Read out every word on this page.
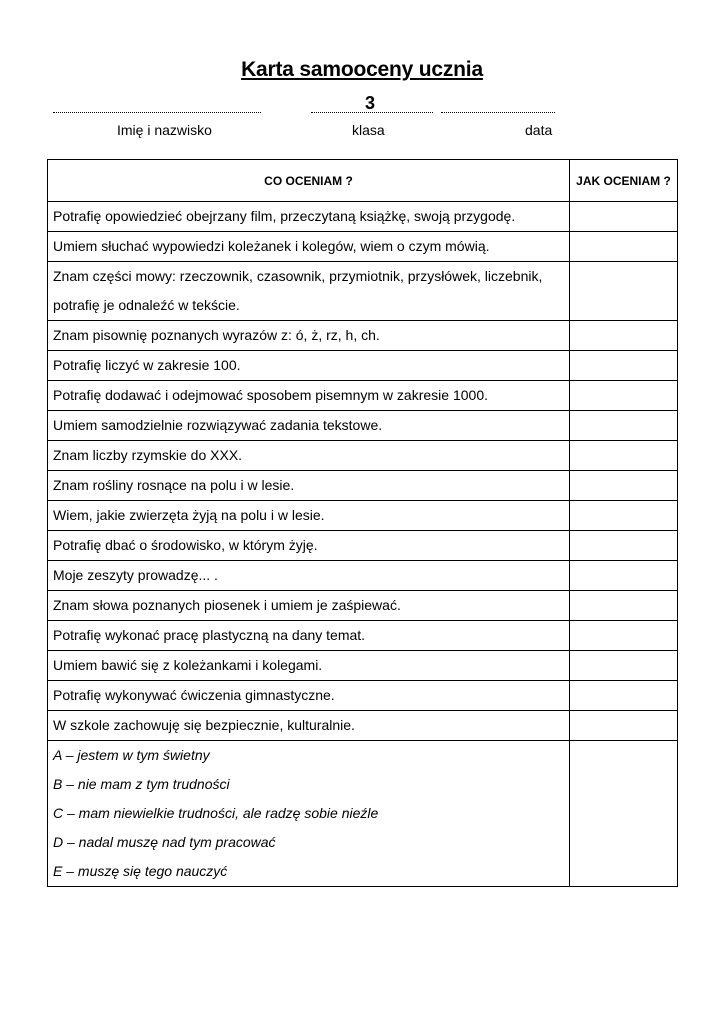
Karta samooceny ucznia
3
Imię i nazwisko	klasa	data
CO OCENIAM ?	JAK OCENIAM ?
Potrafię opowiedzieć obejrzany film, przeczytaną książkę, swoją przygodę.	
Umiem słuchać wypowiedzi koleżanek i kolegów, wiem o czym mówią.	
Znam części mowy: rzeczownik, czasownik, przymiotnik, przysłówek, liczebnik, potrafię je odnaleźć w tekście.	
Znam pisownię poznanych wyrazów z: ó, ż, rz, h, ch.	
Potrafię liczyć w zakresie 100.	
Potrafię dodawać i odejmować sposobem pisemnym w zakresie 1000.	
Umiem samodzielnie rozwiązywać zadania tekstowe.	
Znam liczby rzymskie do XXX.	
Znam rośliny rosnące na polu i w lesie.	
Wiem, jakie zwierzęta żyją na polu i w lesie.	
Potrafię dbać o środowisko, w którym żyję.	
Moje zeszyty prowadzę... .	
Znam słowa poznanych piosenek i umiem je zaśpiewać.	
Potrafię wykonać pracę plastyczną na dany temat.	
Umiem bawić się z koleżankami i kolegami.	
Potrafię wykonywać ćwiczenia gimnastyczne.	
W szkole zachowuję się bezpiecznie, kulturalnie.	

A – jestem w tym świetny
B – nie mam z tym trudności
C – mam niewielkie trudności, ale radzę sobie nieźle
D – nadal muszę nad tym pracować
E – muszę się tego nauczyć	
